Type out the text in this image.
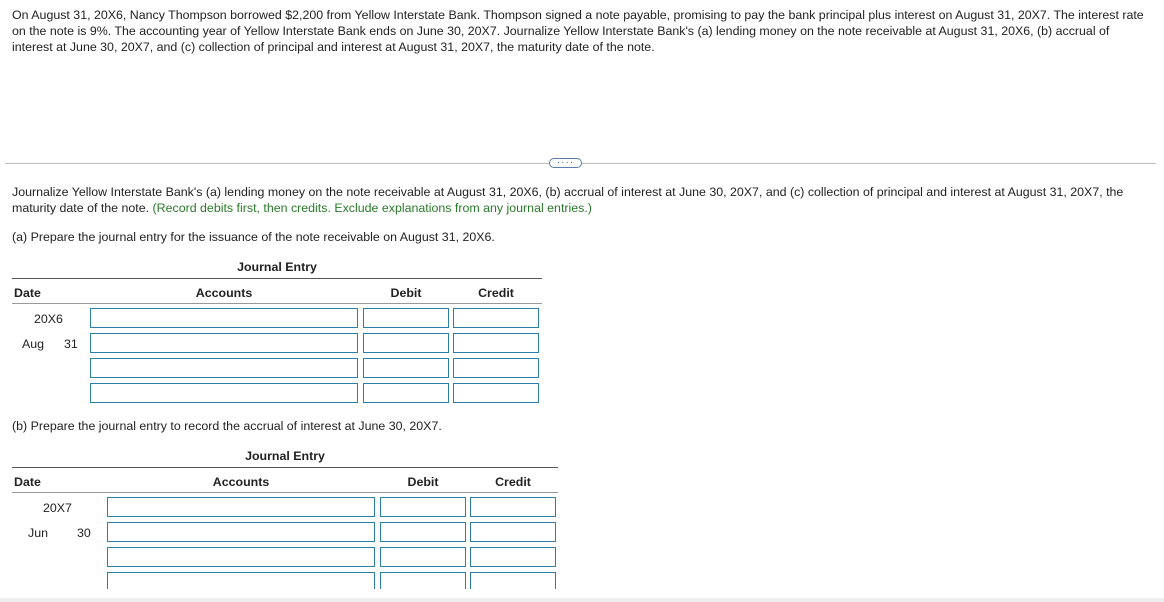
On August 31, 20X6, Nancy Thompson borrowed $2,200 from Yellow Interstate Bank. Thompson signed a note payable, promising to pay the bank principal plus interest on August 31, 20X7. The interest rate on the note is 9%. The accounting year of Yellow Interstate Bank ends on June 30, 20X7. Journalize Yellow Interstate Bank's (a) lending money on the note receivable at August 31, 20X6, (b) accrual of interest at June 30, 20X7, and (c) collection of principal and interest at August 31, 20X7, the maturity date of the note.
····
Journalize Yellow Interstate Bank's (a) lending money on the note receivable at August 31, 20X6, (b) accrual of interest at June 30, 20X7, and (c) collection of principal and interest at August 31, 20X7, the maturity date of the note. (Record debits first, then credits. Exclude explanations from any journal entries.)
(a) Prepare the journal entry for the issuance of the note receivable on August 31, 20X6.
Journal Entry
Date	Accounts	Debit	Credit
20X6
Aug 31
(b) Prepare the journal entry to record the accrual of interest at June 30, 20X7.
Journal Entry
Date	Accounts	Debit	Credit
20X7
Jun 30
